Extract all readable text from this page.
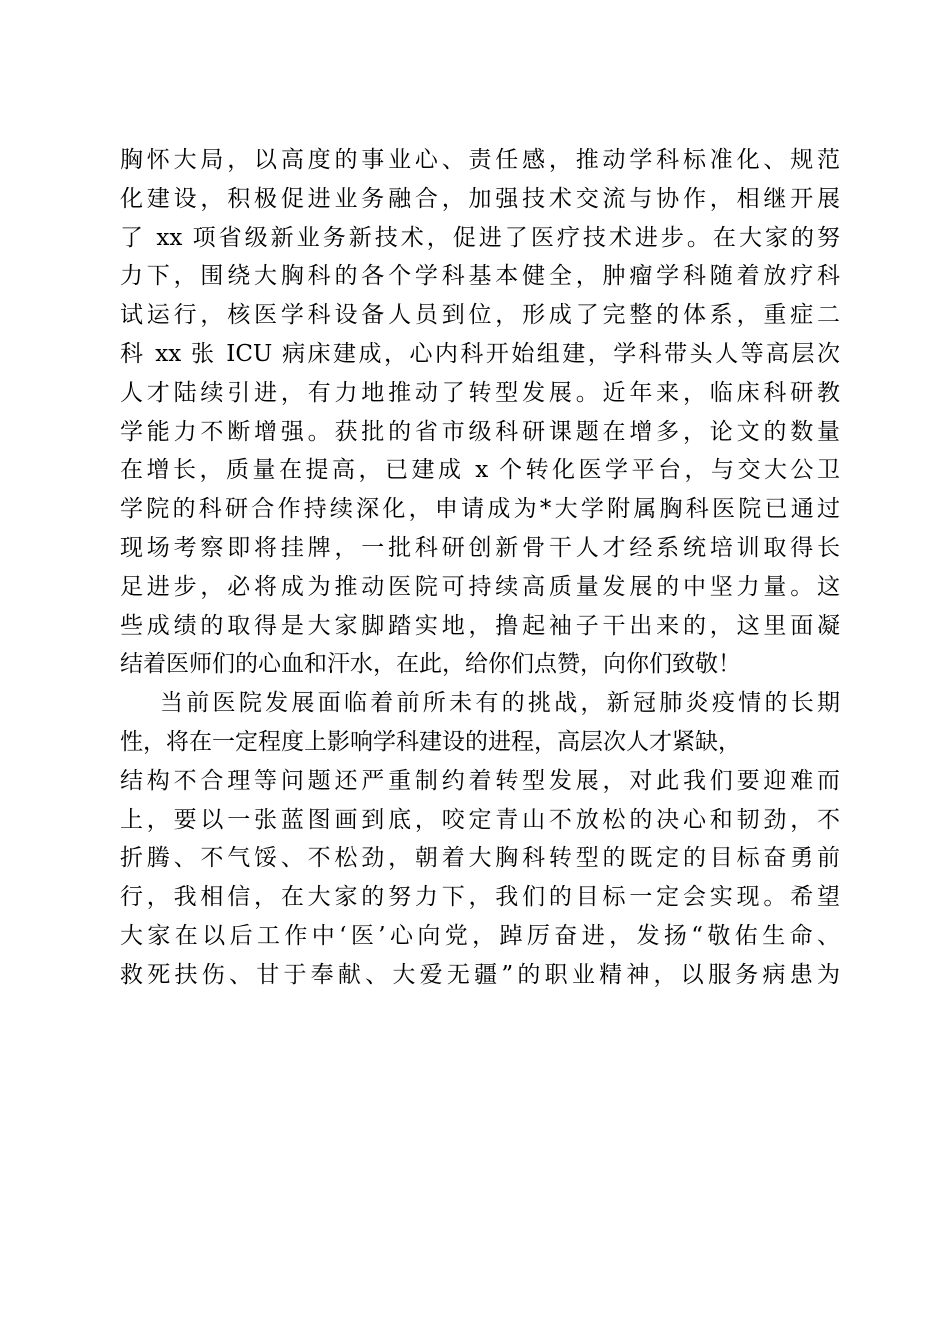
胸怀大局，以高度的事业心、责任感，推动学科标准化、规范
化建设，积极促进业务融合，加强技术交流与协作，相继开展
了 xx 项省级新业务新技术，促进了医疗技术进步。在大家的努
力下，围绕大胸科的各个学科基本健全，肿瘤学科随着放疗科
试运行，核医学科设备人员到位，形成了完整的体系，重症二
科 xx 张 ICU 病床建成，心内科开始组建，学科带头人等高层次
人才陆续引进，有力地推动了转型发展。近年来，临床科研教
学能力不断增强。获批的省市级科研课题在增多，论文的数量
在增长，质量在提高，已建成 x 个转化医学平台，与交大公卫
学院的科研合作持续深化，申请成为*大学附属胸科医院已通过
现场考察即将挂牌，一批科研创新骨干人才经系统培训取得长
足进步，必将成为推动医院可持续高质量发展的中坚力量。这
些成绩的取得是大家脚踏实地，撸起袖子干出来的，这里面凝
结着医师们的心血和汗水，在此，给你们点赞，向你们致敬！
当前医院发展面临着前所未有的挑战，新冠肺炎疫情的长期
性，将在一定程度上影响学科建设的进程，高层次人才紧缺，
结构不合理等问题还严重制约着转型发展，对此我们要迎难而
上，要以一张蓝图画到底，咬定青山不放松的决心和韧劲，不
折腾、不气馁、不松劲，朝着大胸科转型的既定的目标奋勇前
行，我相信，在大家的努力下，我们的目标一定会实现。希望
大家在以后工作中‘医’心向党，踔厉奋进，发扬“敬佑生命、
救死扶伤、甘于奉献、大爱无疆”的职业精神，以服务病患为
